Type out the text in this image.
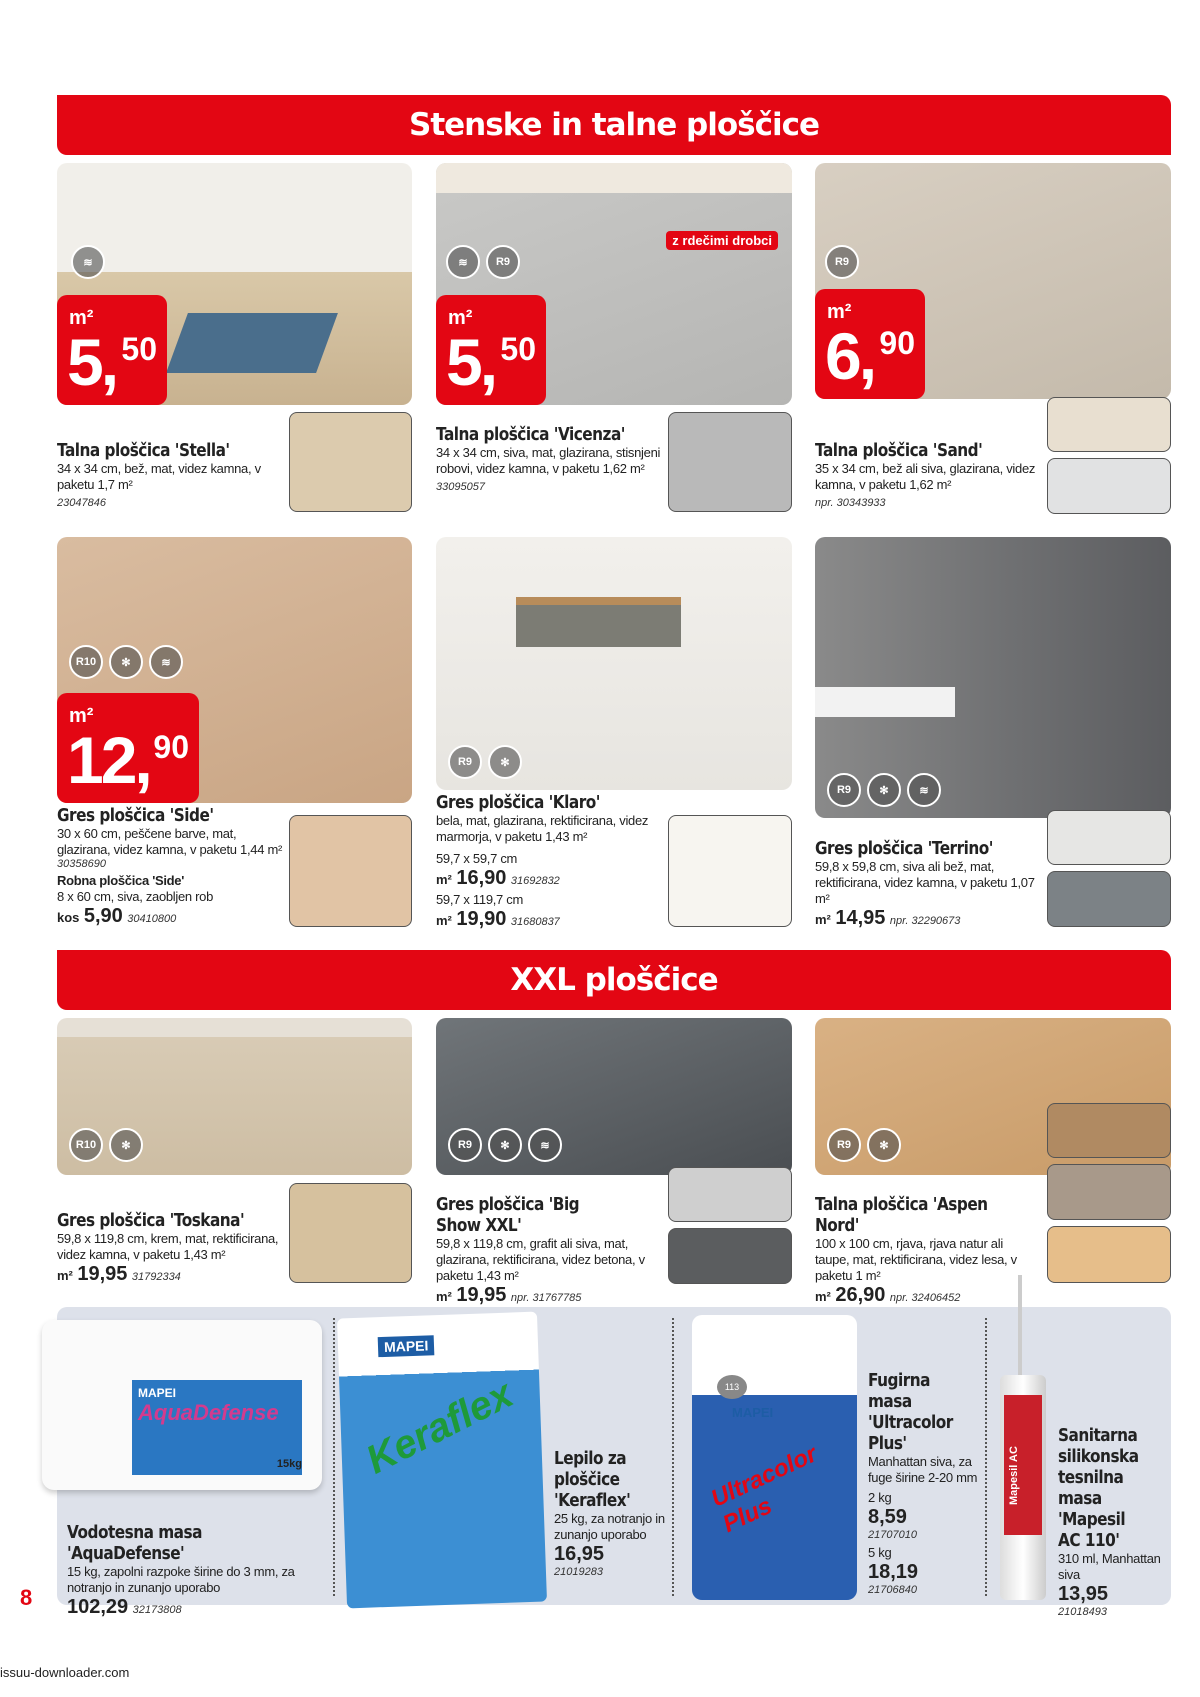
Stenske in talne ploščice
≋
m²
5, 50
z rdečimi drobci
≋	R9
m²
5, 50
R9
m²
6, 90
Talna ploščica 'Stella'
34 x 34 cm, bež, mat, videz kamna, v paketu 1,7 m²
23047846
Talna ploščica 'Vicenza'
34 x 34 cm, siva, mat, glazirana, stisnjeni robovi, videz kamna, v paketu 1,62 m²
33095057
Talna ploščica 'Sand'
35 x 34 cm, bež ali siva, glazirana, videz kamna, v paketu 1,62 m²
npr. 30343933
R10	✻	≋
m²
12, 90	R9	✻
R9	✻	≋
Gres ploščica 'Side'
30 x 60 cm, peščene barve, mat, glazirana, videz kamna, v paketu 1,44 m²
30358690
Robna ploščica 'Side'
8 x 60 cm, siva, zaobljen rob
kos 5,90 30410800
Gres ploščica 'Klaro'
bela, mat, glazirana, rektificirana, videz marmorja, v paketu 1,43 m²
59,7 x 59,7 cm
m² 16,90 31692832
59,7 x 119,7 cm
m² 19,90 31680837
Gres ploščica 'Terrino'
59,8 x 59,8 cm, siva ali bež, mat, rektificirana, videz kamna, v paketu 1,07 m²
m² 14,95 npr. 32290673
XXL ploščice
R10	✻	R9	✻	≋	R9	✻
Gres ploščica 'Toskana'
59,8 x 119,8 cm, krem, mat, rektificirana, videz kamna, v paketu 1,43 m²
m² 19,95 31792334
Gres ploščica 'Big Show XXL'
59,8 x 119,8 cm, grafit ali siva, mat, glazirana, rektificirana, videz betona, v paketu 1,43 m²
m² 19,95 npr. 31767785
Talna ploščica 'Aspen Nord'
100 x 100 cm, rjava, rjava natur ali taupe, mat, rektificirana, videz lesa, v paketu 1 m²
m² 26,90 npr. 32406452
MAPEI
AquaDefense
15kg
Vodotesna masa 'AquaDefense'
15 kg, zapolni razpoke širine do 3 mm, za notranjo in zunanjo uporabo
102,29 32173808
MAPEI
Keraflex Lepilo za ploščice 'Keraflex'
25 kg, za notranjo in zunanjo uporabo
16,95
21019283
113
MAPEI
Ultracolor Plus
Fugirna masa 'Ultracolor Plus'
Manhattan siva, za fuge širine 2-20 mm
2 kg
8,59
21707010
5 kg
18,19
21706840
Mapesil AC
Sanitarna silikonska tesnilna masa 'Mapesil AC 110'
310 ml, Manhattan siva
13,95
21018493
8
issuu-downloader.com
